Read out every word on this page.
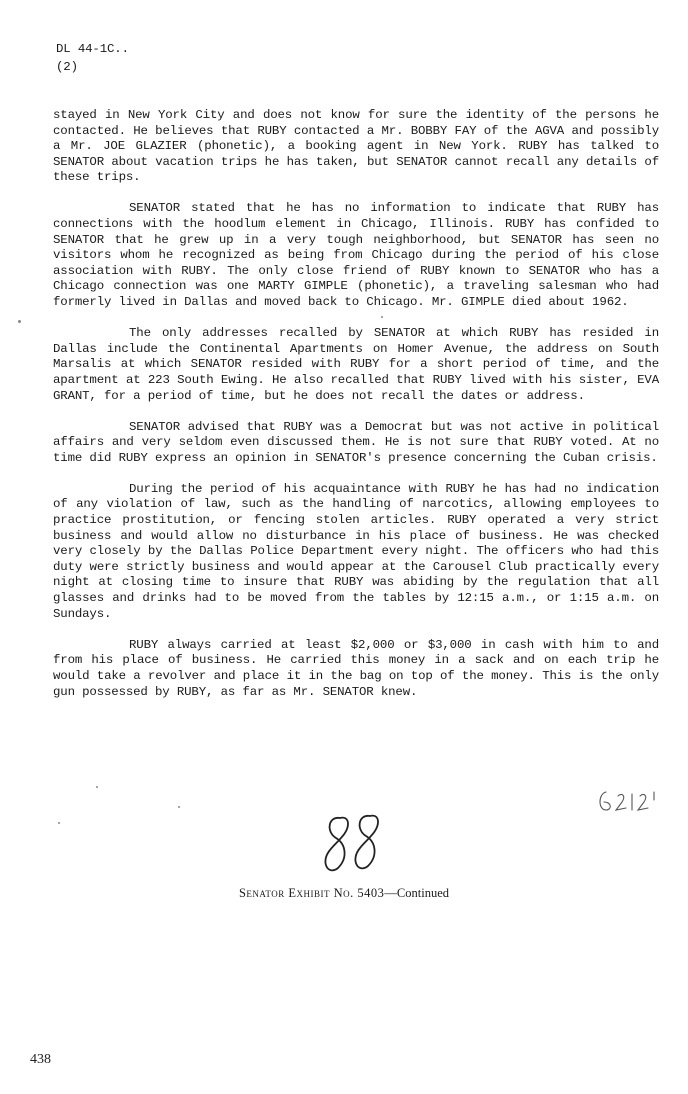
DL 44-1C..
(2)

stayed in New York City and does not know for sure the identity of the persons he contacted. He believes that RUBY contacted a Mr. BOBBY FAY of the AGVA and possibly a Mr. JOE GLAZIER (phonetic), a booking agent in New York. RUBY has talked to SENATOR about vacation trips he has taken, but SENATOR cannot recall any details of these trips.

SENATOR stated that he has no information to indicate that RUBY has connections with the hoodlum element in Chicago, Illinois. RUBY has confided to SENATOR that he grew up in a very tough neighborhood, but SENATOR has seen no visitors whom he recognized as being from Chicago during the period of his close association with RUBY. The only close friend of RUBY known to SENATOR who has a Chicago connection was one MARTY GIMPLE (phonetic), a traveling salesman who had formerly lived in Dallas and moved back to Chicago. Mr. GIMPLE died about 1962.

The only addresses recalled by SENATOR at which RUBY has resided in Dallas include the Continental Apartments on Homer Avenue, the address on South Marsalis at which SENATOR resided with RUBY for a short period of time, and the apartment at 223 South Ewing. He also recalled that RUBY lived with his sister, EVA GRANT, for a period of time, but he does not recall the dates or address.

SENATOR advised that RUBY was a Democrat but was not active in political affairs and very seldom even discussed them. He is not sure that RUBY voted. At no time did RUBY express an opinion in SENATOR's presence concerning the Cuban crisis.

During the period of his acquaintance with RUBY he has had no indication of any violation of law, such as the handling of narcotics, allowing employees to practice prostitution, or fencing stolen articles. RUBY operated a very strict business and would allow no disturbance in his place of business. He was checked very closely by the Dallas Police Department every night. The officers who had this duty were strictly business and would appear at the Carousel Club practically every night at closing time to insure that RUBY was abiding by the regulation that all glasses and drinks had to be moved from the tables by 12:15 a.m., or 1:15 a.m. on Sundays.

RUBY always carried at least $2,000 or $3,000 in cash with him to and from his place of business. He carried this money in a sack and on each trip he would take a revolver and place it in the bag on top of the money. This is the only gun possessed by RUBY, as far as Mr. SENATOR knew.

Senator Exhibit No. 5403—Continued
438
